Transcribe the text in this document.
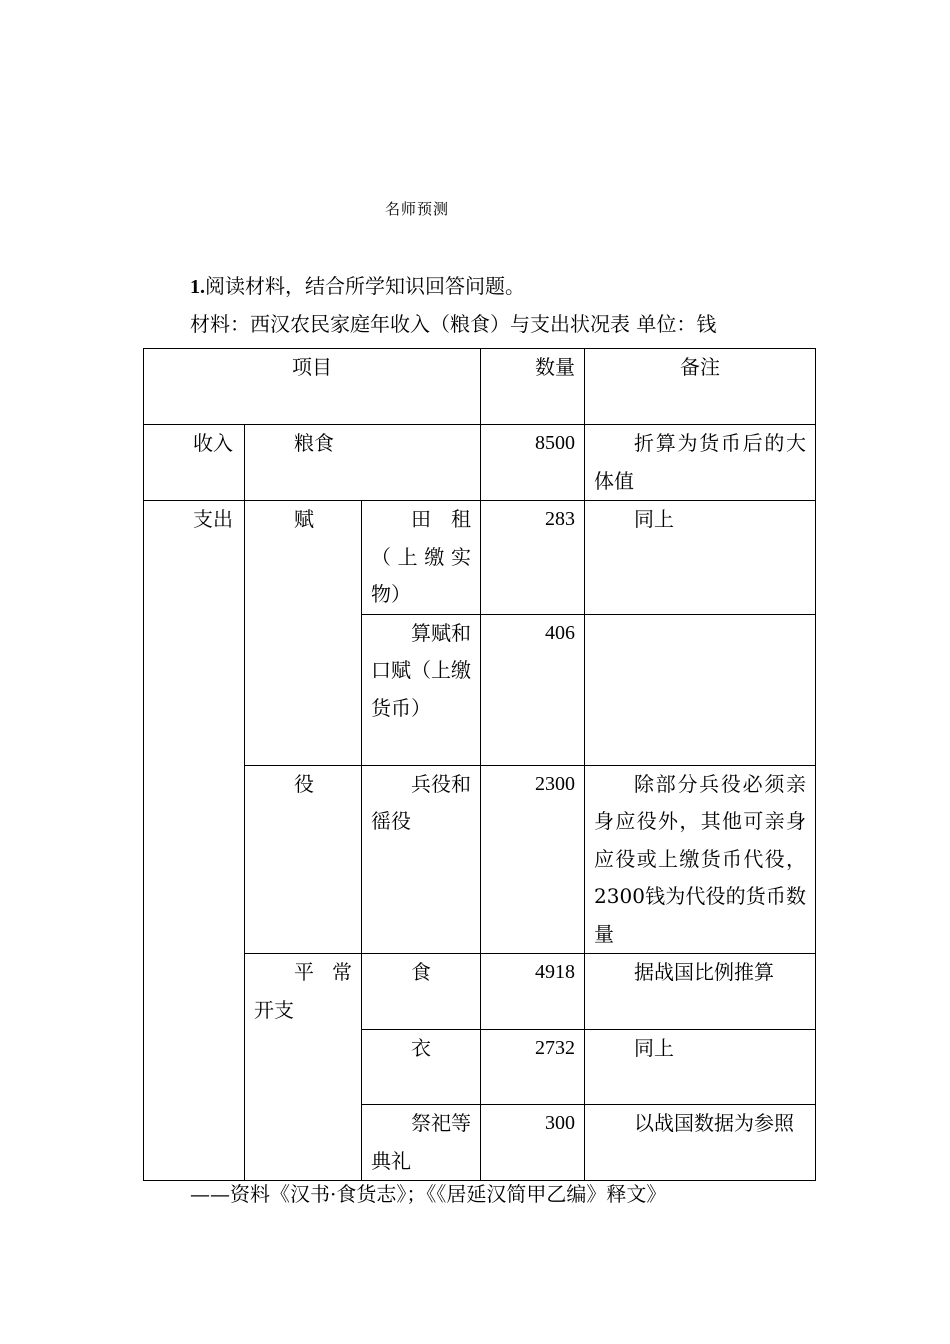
名师预测
1.阅读材料，结合所学知识回答问题。
材料：西汉农民家庭年收入（粮食）与支出状况表 单位：钱
项目			数量	备注
收入	粮食		8500	折算为货币后的大体值
支出	赋	田租（上缴实物）	283	同上
		算赋和口赋（上缴货币）	406	
	役	兵役和徭役	2300	除部分兵役必须亲身应役外，其他可亲身应役或上缴货币代役，2300钱为代役的货币数量
	平常开支	食	4918	据战国比例推算
		衣	2732	同上
		祭祀等典礼	300	以战国数据为参照
——资料《汉书·食货志》；《《居延汉简甲乙编》释文》
